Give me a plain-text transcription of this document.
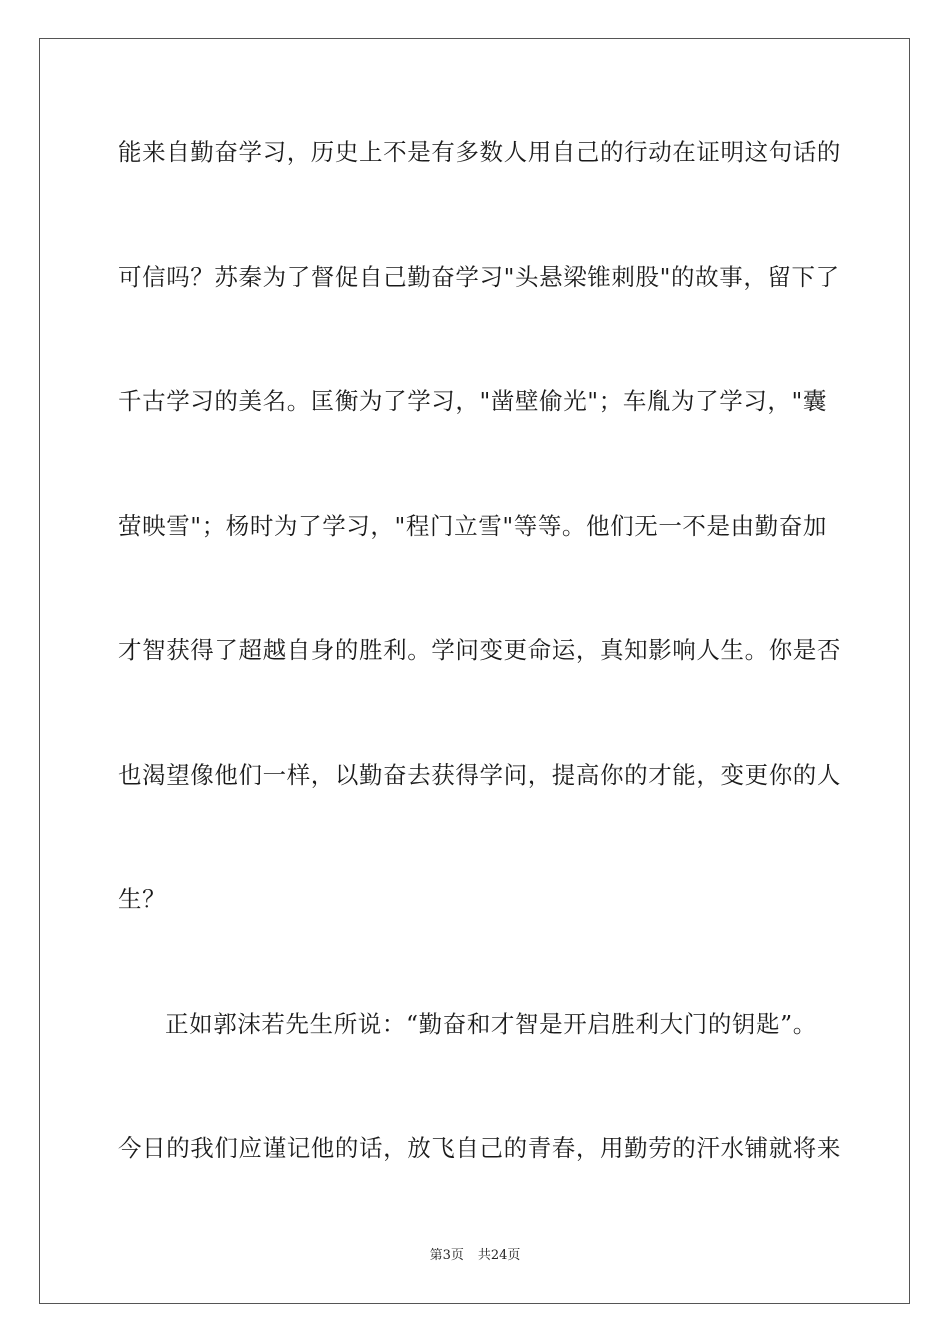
能来自勤奋学习，历史上不是有多数人用自己的行动在证明这句话的
可信吗？苏秦为了督促自己勤奋学习"头悬梁锥刺股"的故事，留下了
千古学习的美名。匡衡为了学习，"凿壁偷光"；车胤为了学习，"囊
萤映雪"；杨时为了学习，"程门立雪"等等。他们无一不是由勤奋加
才智获得了超越自身的胜利。学问变更命运，真知影响人生。你是否
也渴望像他们一样，以勤奋去获得学问，提高你的才能，变更你的人
生？
正如郭沫若先生所说：“勤奋和才智是开启胜利大门的钥匙”。
今日的我们应谨记他的话，放飞自己的青春，用勤劳的汗水铺就将来
第3页 共24页
